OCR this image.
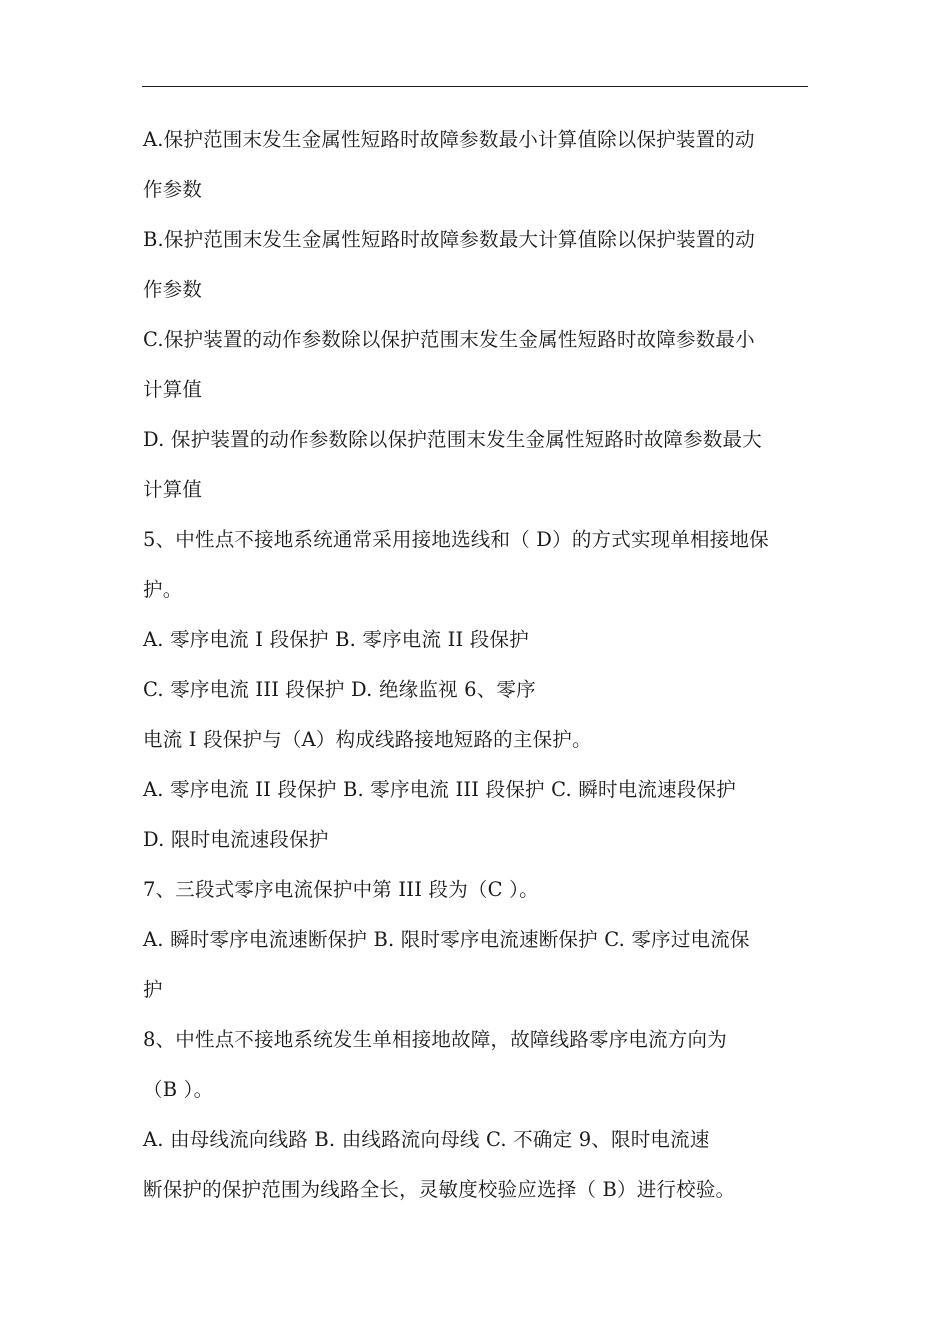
A.保护范围末发生金属性短路时故障参数最小计算值除以保护装置的动
作参数
B.保护范围末发生金属性短路时故障参数最大计算值除以保护装置的动
作参数
C.保护装置的动作参数除以保护范围末发生金属性短路时故障参数最小
计算值
D. 保护装置的动作参数除以保护范围末发生金属性短路时故障参数最大
计算值
5、中性点不接地系统通常采用接地选线和（ D）的方式实现单相接地保
护。
A. 零序电流 I 段保护 B. 零序电流 II 段保护
C. 零序电流 III 段保护 D. 绝缘监视 6、零序
电流 I 段保护与（A）构成线路接地短路的主保护。
A. 零序电流 II 段保护 B. 零序电流 III 段保护 C. 瞬时电流速段保护
D. 限时电流速段保护
7、三段式零序电流保护中第 III 段为（C ）。
A. 瞬时零序电流速断保护 B. 限时零序电流速断保护 C. 零序过电流保
护
8、中性点不接地系统发生单相接地故障，故障线路零序电流方向为
（B ）。
A. 由母线流向线路 B. 由线路流向母线 C. 不确定 9、限时电流速
断保护的保护范围为线路全长，灵敏度校验应选择（ B）进行校验。
